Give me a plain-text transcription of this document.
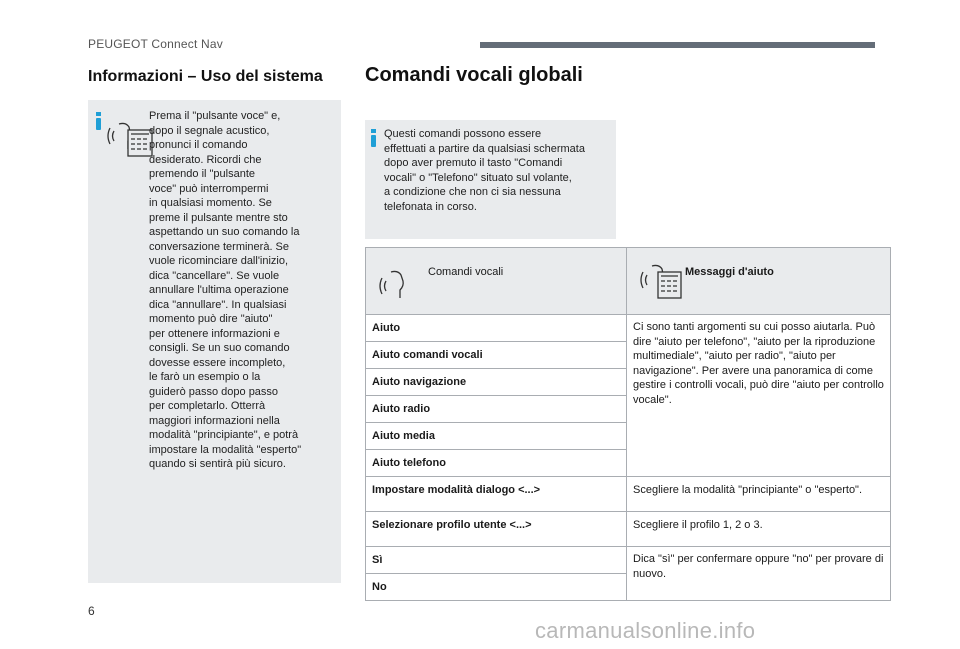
PEUGEOT Connect Nav
Informazioni – Uso del sistema Comandi vocali globali
Prema il "pulsante voce" e,
dopo il segnale acustico,
pronunci il comando
desiderato. Ricordi che
premendo il "pulsante
voce" può interrompermi
in qualsiasi momento. Se
preme il pulsante mentre sto
aspettando un suo comando la
conversazione terminerà. Se
vuole ricominciare dall'inizio,
dica "cancellare". Se vuole
annullare l'ultima operazione
dica "annullare". In qualsiasi
momento può dire "aiuto"
per ottenere informazioni e
consigli. Se un suo comando
dovesse essere incompleto,
le farò un esempio o la
guiderò passo dopo passo
per completarlo. Otterrà
maggiori informazioni nella
modalità "principiante", e potrà
impostare la modalità "esperto"
quando si sentirà più sicuro.
Questi comandi possono essere
effettuati a partire da qualsiasi schermata
dopo aver premuto il tasto "Comandi
vocali" o "Telefono" situato sul volante,
a condizione che non ci sia nessuna
telefonata in corso.
Comandi vocali	Messaggi d'aiuto

Aiuto	Ci sono tanti argomenti su cui posso aiutarla. Può dire "aiuto per telefono", "aiuto per la riproduzione multimediale", "aiuto per radio", "aiuto per navigazione". Per avere una panoramica di come gestire i controlli vocali, può dire "aiuto per controllo vocale".
Aiuto comandi vocali	
Aiuto navigazione	
Aiuto radio	
Aiuto media	
Aiuto telefono	
Impostare modalità dialogo <...>	Scegliere la modalità "principiante" o "esperto".
Selezionare profilo utente <...>	Scegliere il profilo 1, 2 o 3.
Sì	Dica "sì" per confermare oppure "no" per provare di nuovo.
No	
6
carmanualsonline.info
